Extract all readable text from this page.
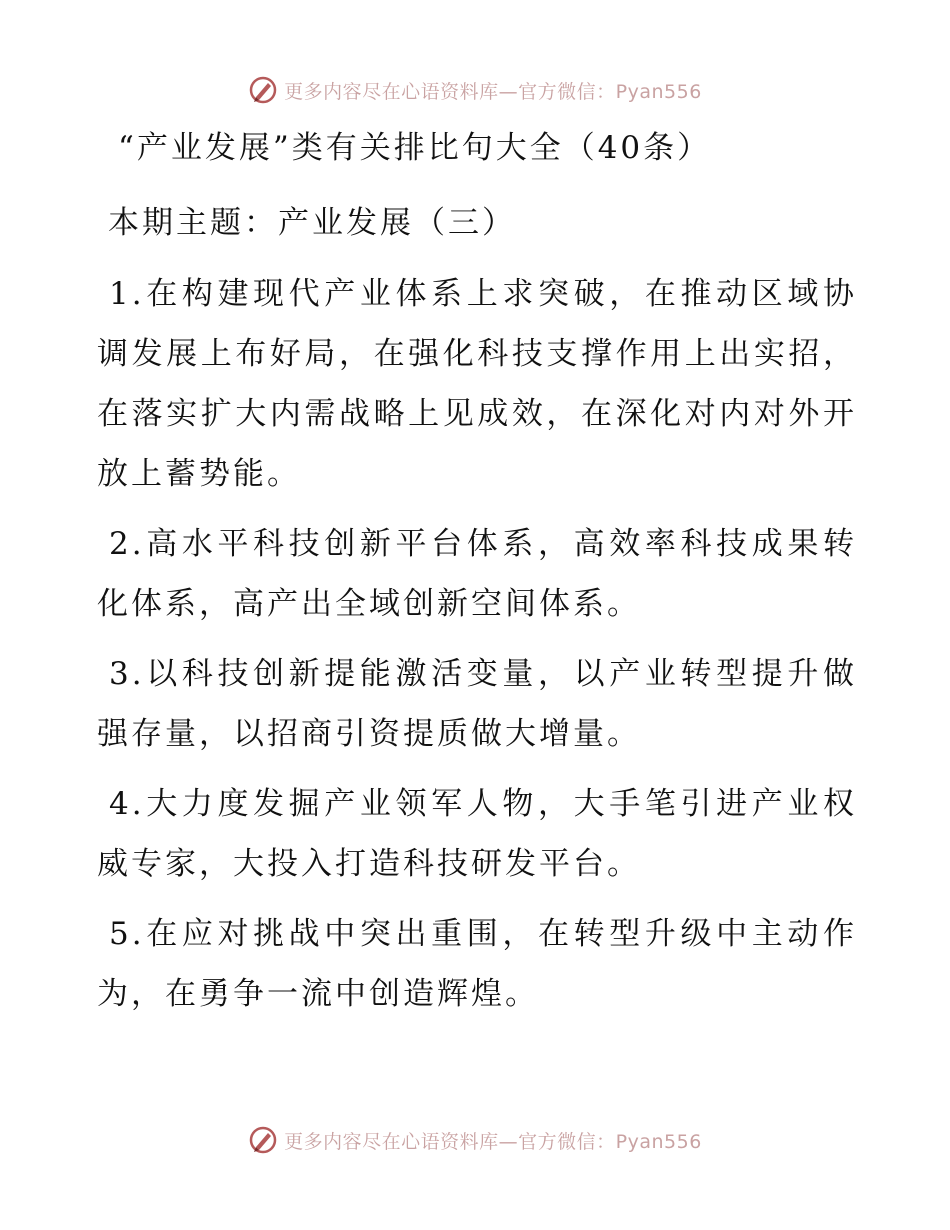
更多内容尽在心语资料库—官方微信：Pyan556
“产业发展”类有关排比句大全（40条）
本期主题：产业发展（三）
1.在构建现代产业体系上求突破，在推动区域协调发展上布好局，在强化科技支撑作用上出实招，在落实扩大内需战略上见成效，在深化对内对外开放上蓄势能。
2.高水平科技创新平台体系，高效率科技成果转化体系，高产出全域创新空间体系。
3.以科技创新提能激活变量，以产业转型提升做强存量，以招商引资提质做大增量。
4.大力度发掘产业领军人物，大手笔引进产业权威专家，大投入打造科技研发平台。
5.在应对挑战中突出重围，在转型升级中主动作为，在勇争一流中创造辉煌。
更多内容尽在心语资料库—官方微信：Pyan556
